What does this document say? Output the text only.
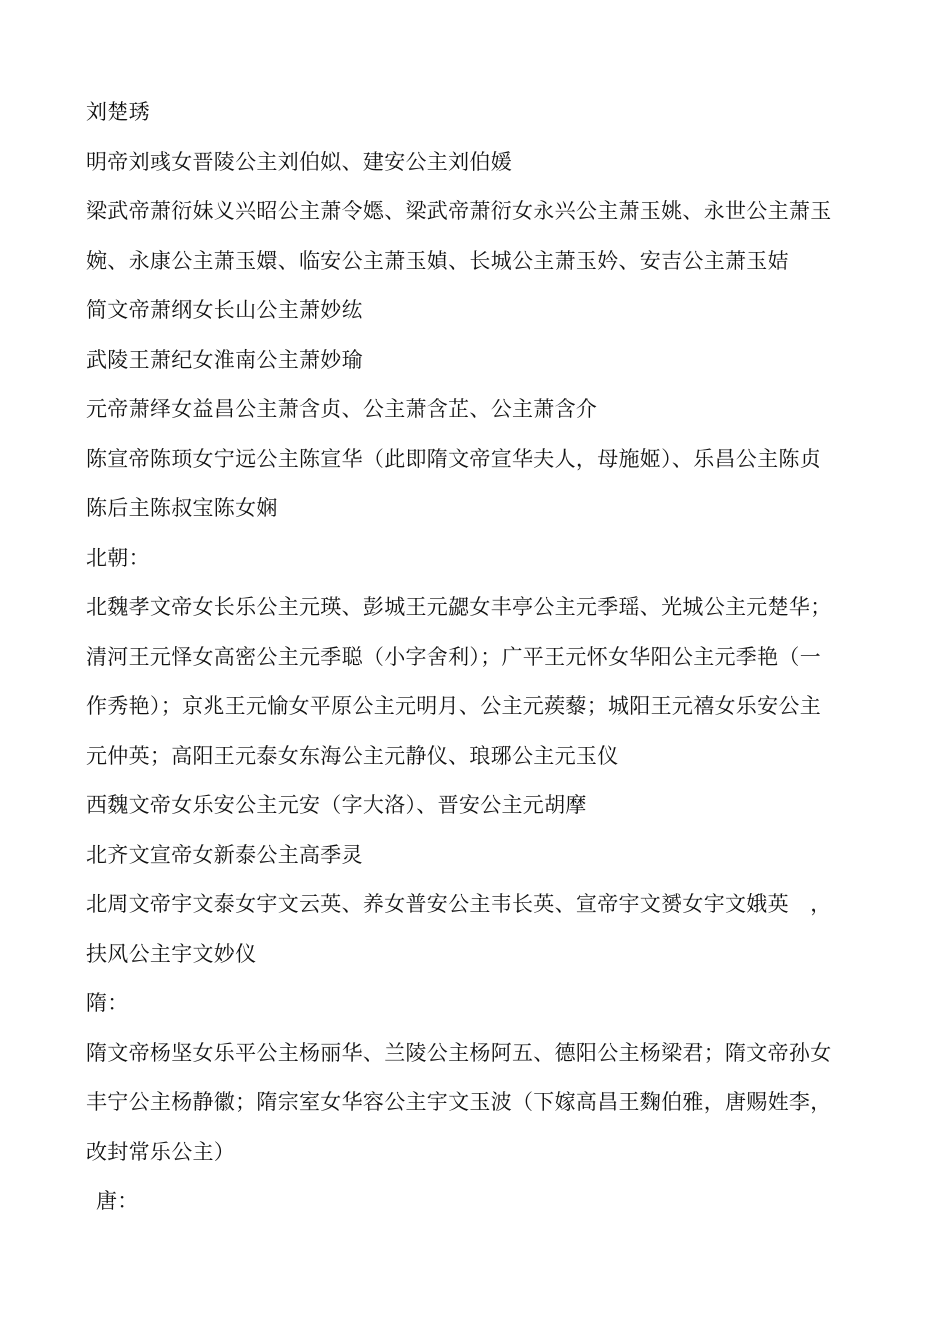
刘楚琇
明帝刘彧女晋陵公主刘伯姒、建安公主刘伯媛
梁武帝萧衍妹义兴昭公主萧令嫕、梁武帝萧衍女永兴公主萧玉姚、永世公主萧玉
婉、永康公主萧玉嬛、临安公主萧玉媜、长城公主萧玉妗、安吉公主萧玉姞
简文帝萧纲女长山公主萧妙纮
武陵王萧纪女淮南公主萧妙瑜
元帝萧绎女益昌公主萧含贞、公主萧含芷、公主萧含介
陈宣帝陈顼女宁远公主陈宣华（此即隋文帝宣华夫人，母施姬）、乐昌公主陈贞
陈后主陈叔宝陈女娴
北朝：
北魏孝文帝女长乐公主元瑛、彭城王元勰女丰亭公主元季瑶、光城公主元楚华；
清河王元怿女高密公主元季聪（小字舍利）；广平王元怀女华阳公主元季艳（一
作秀艳）；京兆王元愉女平原公主元明月、公主元蒺藜；城阳王元禧女乐安公主
元仲英；高阳王元泰女东海公主元静仪、琅琊公主元玉仪
西魏文帝女乐安公主元安（字大洛）、晋安公主元胡摩
北齐文宣帝女新泰公主高季灵
北周文帝宇文泰女宇文云英、养女普安公主韦长英、宣帝宇文赟女宇文娥英　，
扶风公主宇文妙仪
隋：
隋文帝杨坚女乐平公主杨丽华、兰陵公主杨阿五、德阳公主杨梁君；隋文帝孙女
丰宁公主杨静徽；隋宗室女华容公主宇文玉波（下嫁高昌王麴伯雅，唐赐姓李，
改封常乐公主）
唐：
